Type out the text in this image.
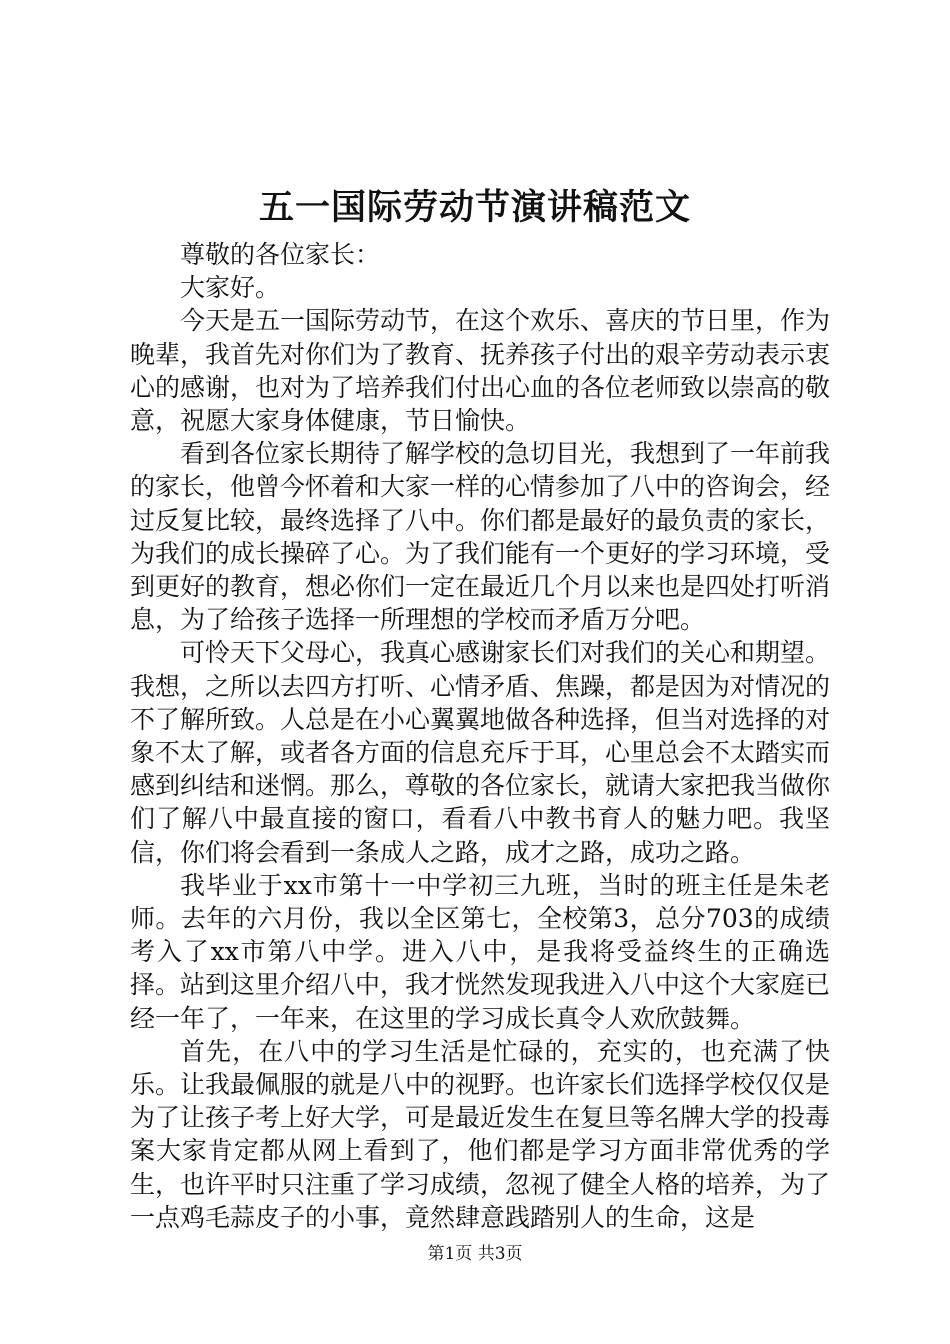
五一国际劳动节演讲稿范文

尊敬的各位家长：

大家好。

今天是五一国际劳动节，在这个欢乐、喜庆的节日里，作为晚辈，我首先对你们为了教育、抚养孩子付出的艰辛劳动表示衷心的感谢，也对为了培养我们付出心血的各位老师致以崇高的敬意，祝愿大家身体健康，节日愉快。

看到各位家长期待了解学校的急切目光，我想到了一年前我的家长，他曾今怀着和大家一样的心情参加了八中的咨询会，经过反复比较，最终选择了八中。你们都是最好的最负责的家长，为我们的成长操碎了心。为了我们能有一个更好的学习环境，受到更好的教育，想必你们一定在最近几个月以来也是四处打听消息，为了给孩子选择一所理想的学校而矛盾万分吧。

可怜天下父母心，我真心感谢家长们对我们的关心和期望。我想，之所以去四方打听、心情矛盾、焦躁，都是因为对情况的不了解所致。人总是在小心翼翼地做各种选择，但当对选择的对象不太了解，或者各方面的信息充斥于耳，心里总会不太踏实而感到纠结和迷惘。那么，尊敬的各位家长，就请大家把我当做你们了解八中最直接的窗口，看看八中教书育人的魅力吧。我坚信，你们将会看到一条成人之路，成才之路，成功之路。

我毕业于xx市第十一中学初三九班，当时的班主任是朱老师。去年的六月份，我以全区第七，全校第3，总分703的成绩考入了xx市第八中学。进入八中，是我将受益终生的正确选择。站到这里介绍八中，我才恍然发现我进入八中这个大家庭已经一年了，一年来，在这里的学习成长真令人欢欣鼓舞。

首先，在八中的学习生活是忙碌的，充实的，也充满了快乐。让我最佩服的就是八中的视野。也许家长们选择学校仅仅是为了让孩子考上好大学，可是最近发生在复旦等名牌大学的投毒案大家肯定都从网上看到了，他们都是学习方面非常优秀的学生，也许平时只注重了学习成绩，忽视了健全人格的培养，为了一点鸡毛蒜皮子的小事，竟然肆意践踏别人的生命，这是

第1页 共3页
